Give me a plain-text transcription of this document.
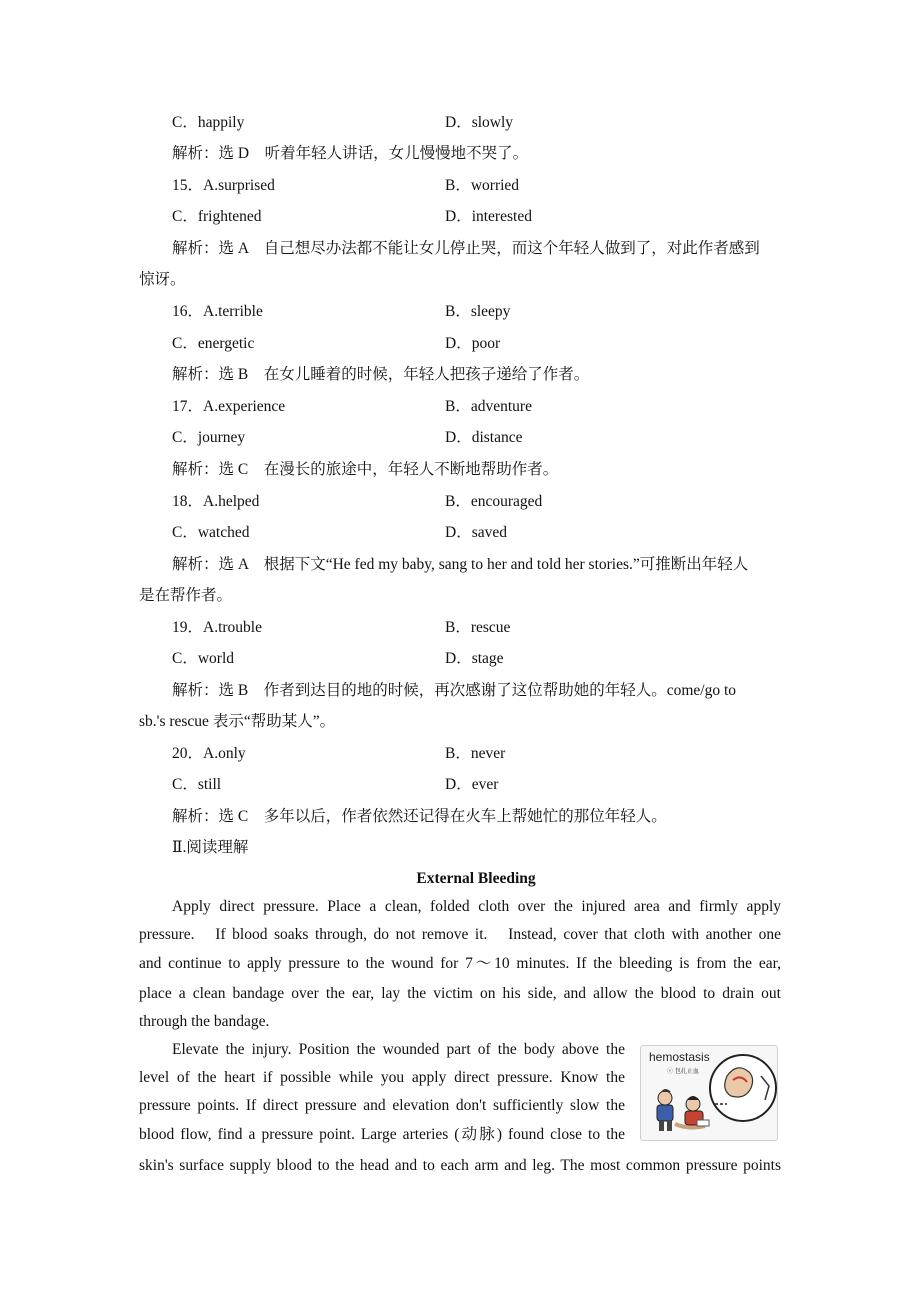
C．happily	D．slowly
解析：选 D　听着年轻人讲话，女儿慢慢地不哭了。
15．A.surprised	B．worried
C．frightened	D．interested
解析：选 A　自己想尽办法都不能让女儿停止哭，而这个年轻人做到了，对此作者感到
惊讶。
16．A.terrible	B．sleepy
C．energetic	D．poor
解析：选 B　在女儿睡着的时候，年轻人把孩子递给了作者。
17．A.experience	B．adventure
C．journey	D．distance
解析：选 C　在漫长的旅途中，年轻人不断地帮助作者。
18．A.helped	B．encouraged
C．watched	D．saved
解析：选 A　根据下文“He fed my baby, sang to her and told her stories.”可推断出年轻人
是在帮作者。
19．A.trouble	B．rescue
C．world	D．stage
解析：选 B　作者到达目的地的时候，再次感谢了这位帮助她的年轻人。come/go to
sb.'s rescue 表示“帮助某人”。
20．A.only	B．never
C．still	D．ever
解析：选 C　多年以后，作者依然还记得在火车上帮她忙的那位年轻人。
Ⅱ.阅读理解
External Bleeding
Apply direct pressure. Place a clean, folded cloth over the injured area and firmly apply
pressure.　If blood soaks through, do not remove it.　Instead, cover that cloth with another one
and continue to apply pressure to the wound for 7～10 minutes. If the bleeding is from the ear,
place a clean bandage over the ear, lay the victim on his side, and allow the blood to drain out
through the bandage.
Elevate the injury. Position the wounded part of the body above the
level of the heart if possible while you apply direct pressure. Know the
pressure points. If direct pressure and elevation don't sufficiently slow the
blood flow, find a pressure point. Large arteries (动脉) found close to the
skin's surface supply blood to the head and to each arm and leg. The most common pressure points
hemostasis
ⓔ 包扎止血
